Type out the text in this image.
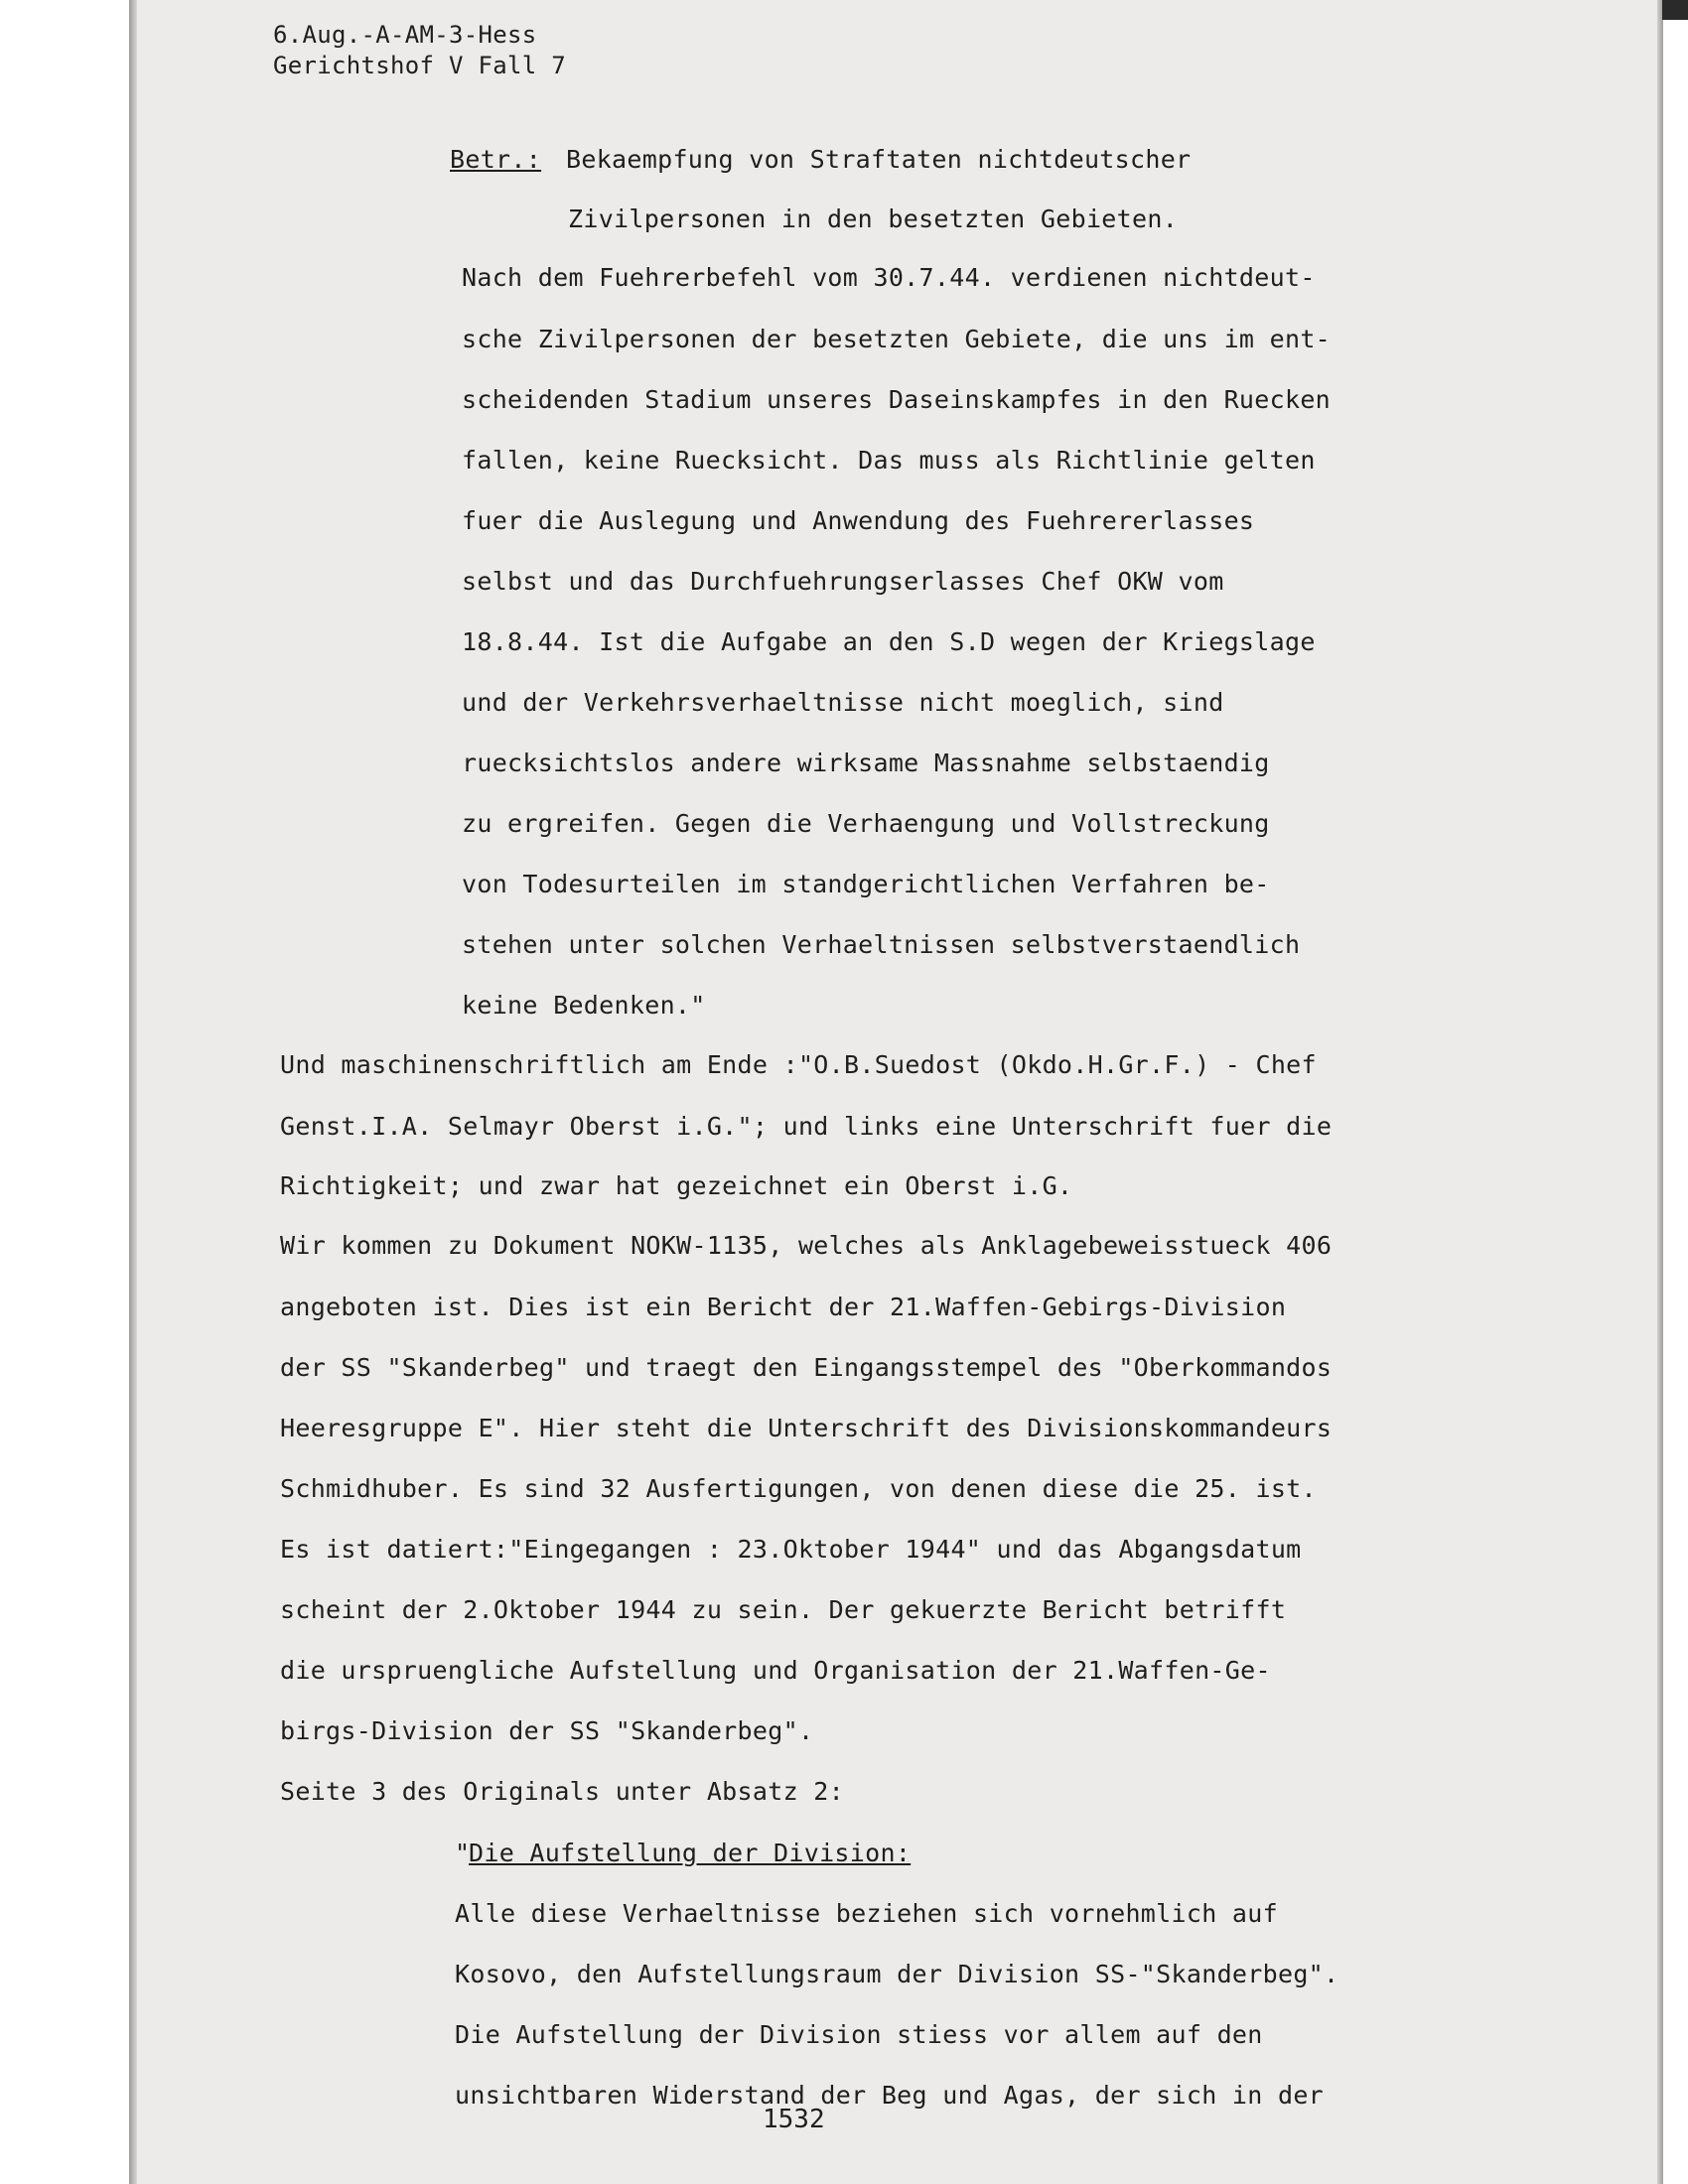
6.Aug.-A-AM-3-Hess
Gerichtshof V Fall 7
Betr.: Bekaempfung von Straftaten nichtdeutscher
Zivilpersonen in den besetzten Gebieten.
Nach dem Fuehrerbefehl vom 30.7.44. verdienen nichtdeut-
sche Zivilpersonen der besetzten Gebiete, die uns im ent-
scheidenden Stadium unseres Daseinskampfes in den Ruecken
fallen, keine Ruecksicht. Das muss als Richtlinie gelten
fuer die Auslegung und Anwendung des Fuehrererlasses
selbst und das Durchfuehrungserlasses Chef OKW vom
18.8.44. Ist die Aufgabe an den S.D wegen der Kriegslage
und der Verkehrsverhaeltnisse nicht moeglich, sind
ruecksichtslos andere wirksame Massnahme selbstaendig
zu ergreifen. Gegen die Verhaengung und Vollstreckung
von Todesurteilen im standgerichtlichen Verfahren be-
stehen unter solchen Verhaeltnissen selbstverstaendlich
keine Bedenken."
Und maschinenschriftlich am Ende :"O.B.Suedost (Okdo.H.Gr.F.) - Chef
Genst.I.A. Selmayr Oberst i.G."; und links eine Unterschrift fuer die
Richtigkeit; und zwar hat gezeichnet ein Oberst i.G.
Wir kommen zu Dokument NOKW-1135, welches als Anklagebeweisstueck 406
angeboten ist. Dies ist ein Bericht der 21.Waffen-Gebirgs-Division
der SS "Skanderbeg" und traegt den Eingangsstempel des "Oberkommandos
Heeresgruppe E". Hier steht die Unterschrift des Divisionskommandeurs
Schmidhuber. Es sind 32 Ausfertigungen, von denen diese die 25. ist.
Es ist datiert:"Eingegangen : 23.Oktober 1944" und das Abgangsdatum
scheint der 2.Oktober 1944 zu sein. Der gekuerzte Bericht betrifft
die urspruengliche Aufstellung und Organisation der 21.Waffen-Ge-
birgs-Division der SS "Skanderbeg".
Seite 3 des Originals unter Absatz 2:
"
Die Aufstellung der Division:
Alle diese Verhaeltnisse beziehen sich vornehmlich auf
Kosovo, den Aufstellungsraum der Division SS-"Skanderbeg".
Die Aufstellung der Division stiess vor allem auf den
unsichtbaren Widerstand der Beg und Agas, der sich in der
1532
